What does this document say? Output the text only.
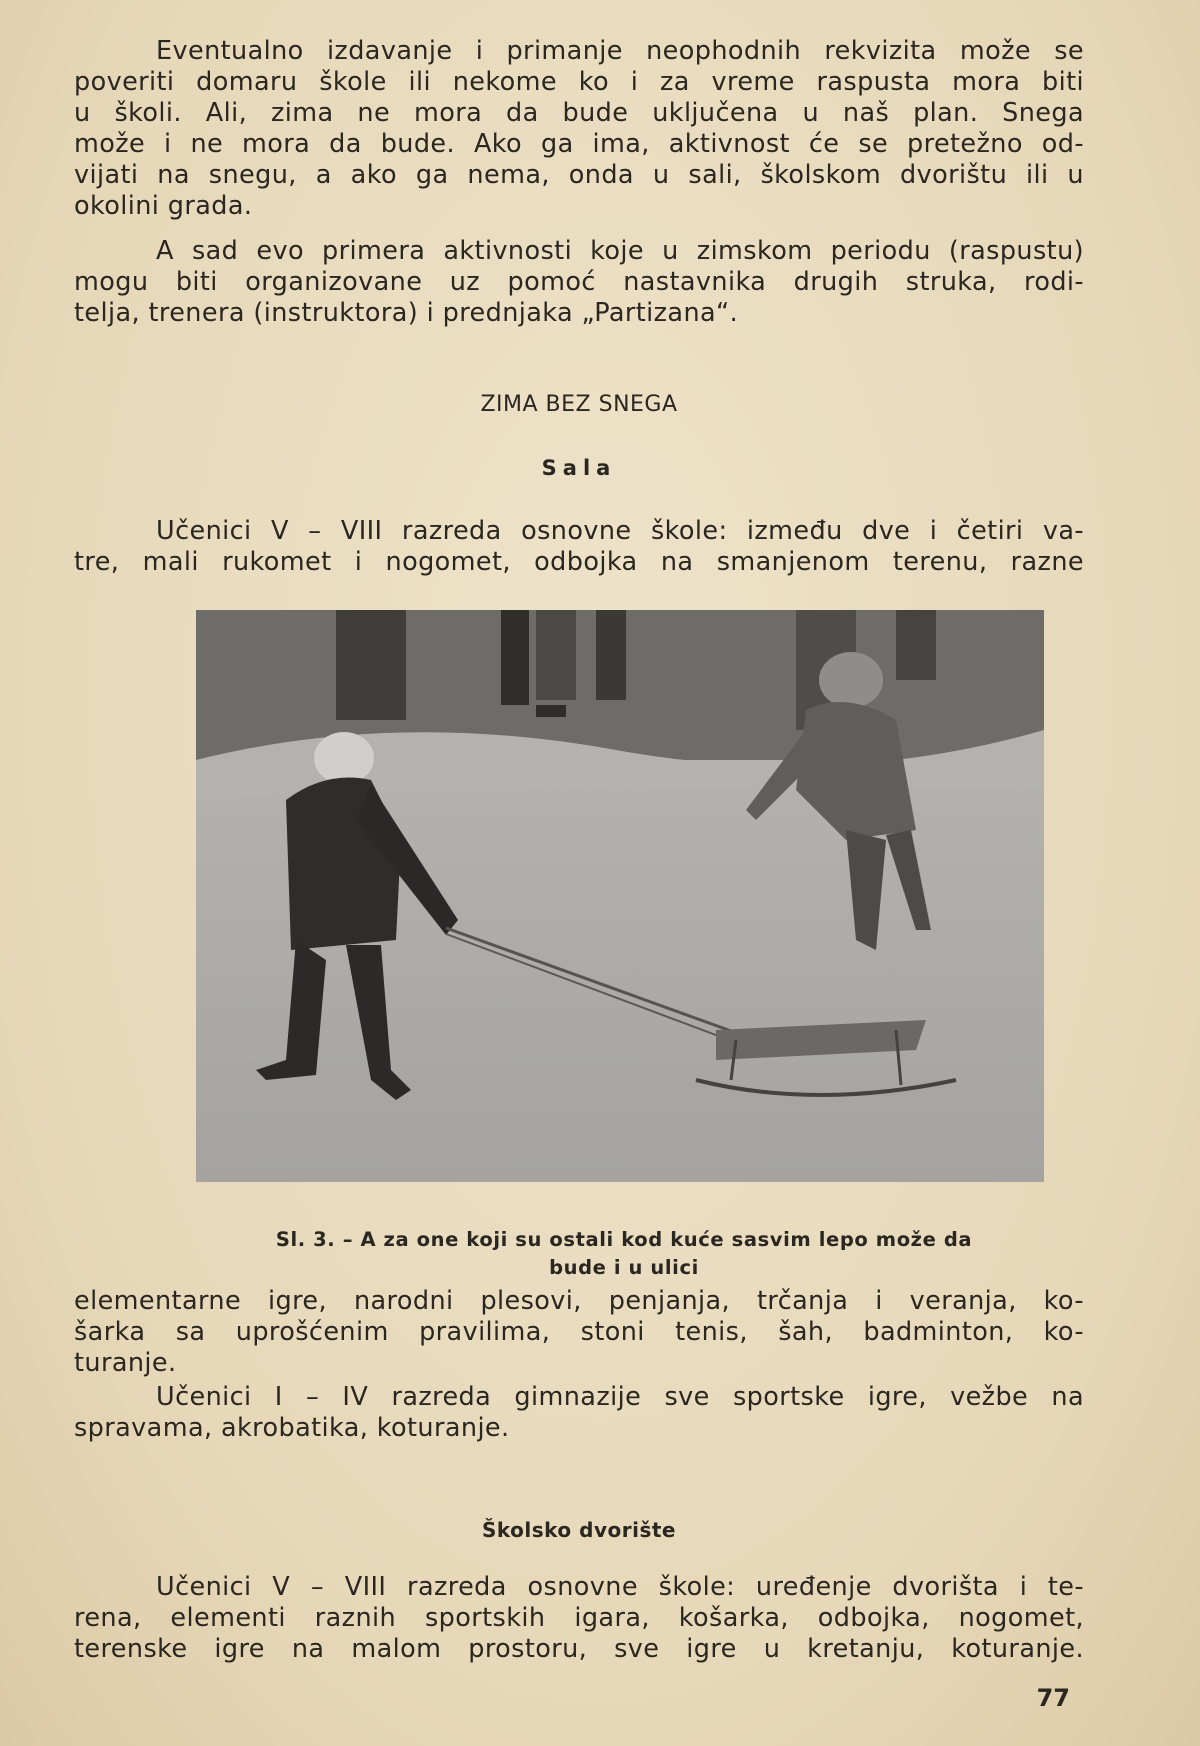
Eventualno izdavanje i primanje neophodnih rekvizita može se
poveriti domaru škole ili nekome ko i za vreme raspusta mora biti
u školi. Ali, zima ne mora da bude uključena u naš plan. Snega
može i ne mora da bude. Ako ga ima, aktivnost će se pretežno od-
vijati na snegu, a ako ga nema, onda u sali, školskom dvorištu ili u
okolini grada.

A sad evo primera aktivnosti koje u zimskom periodu (raspustu)
mogu biti organizovane uz pomoć nastavnika drugih struka, rodi-
telja, trenera (instruktora) i prednjaka „Partizana“.

ZIMA BEZ SNEGA
Sala

Učenici V – VIII razreda osnovne škole: između dve i četiri va-
tre, mali rukomet i nogomet, odbojka na smanjenom terenu, razne

Sl. 3. – A za one koji su ostali kod kuće sasvim lepo može da
bude i u ulici

elementarne igre, narodni plesovi, penjanja, trčanja i veranja, ko-
šarka sa uprošćenim pravilima, stoni tenis, šah, badminton, ko-
turanje.

Učenici I – IV razreda gimnazije sve sportske igre, vežbe na
spravama, akrobatika, koturanje.

Školsko dvorište

Učenici V – VIII razreda osnovne škole: uređenje dvorišta i te-
rena, elementi raznih sportskih igara, košarka, odbojka, nogomet,
terenske igre na malom prostoru, sve igre u kretanju, koturanje.

77
